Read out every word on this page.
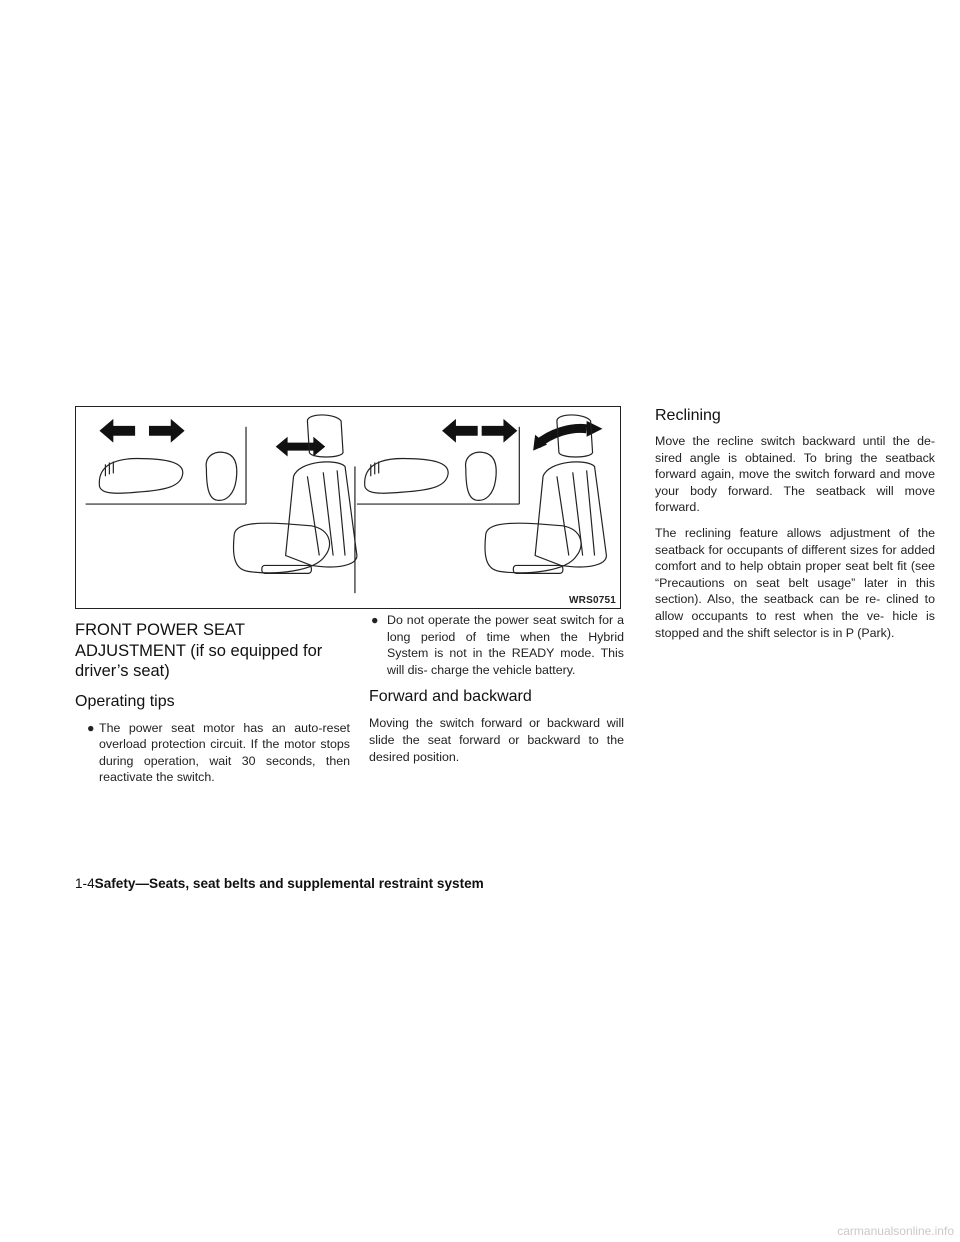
WRS0751
FRONT POWER SEAT ADJUSTMENT (if so equipped for driver’s seat)
Operating tips
● The power seat motor has an auto-reset overload protection circuit. If the motor stops during operation, wait 30 seconds, then reactivate the switch.
● Do not operate the power seat switch for a long period of time when the Hybrid System is not in the READY mode. This will dis- charge the vehicle battery.
Forward and backward

Moving the switch forward or backward will slide the seat forward or backward to the desired position.

Reclining

Move the recline switch backward until the de- sired angle is obtained. To bring the seatback forward again, move the switch forward and move your body forward. The seatback will move forward.

The reclining feature allows adjustment of the seatback for occupants of different sizes for added comfort and to help obtain proper seat belt fit (see “Precautions on seat belt usage” later in this section). Also, the seatback can be re- clined to allow occupants to rest when the ve- hicle is stopped and the shift selector is in P (Park).

1-4Safety—Seats, seat belts and supplemental restraint system
carmanualsonline.info
